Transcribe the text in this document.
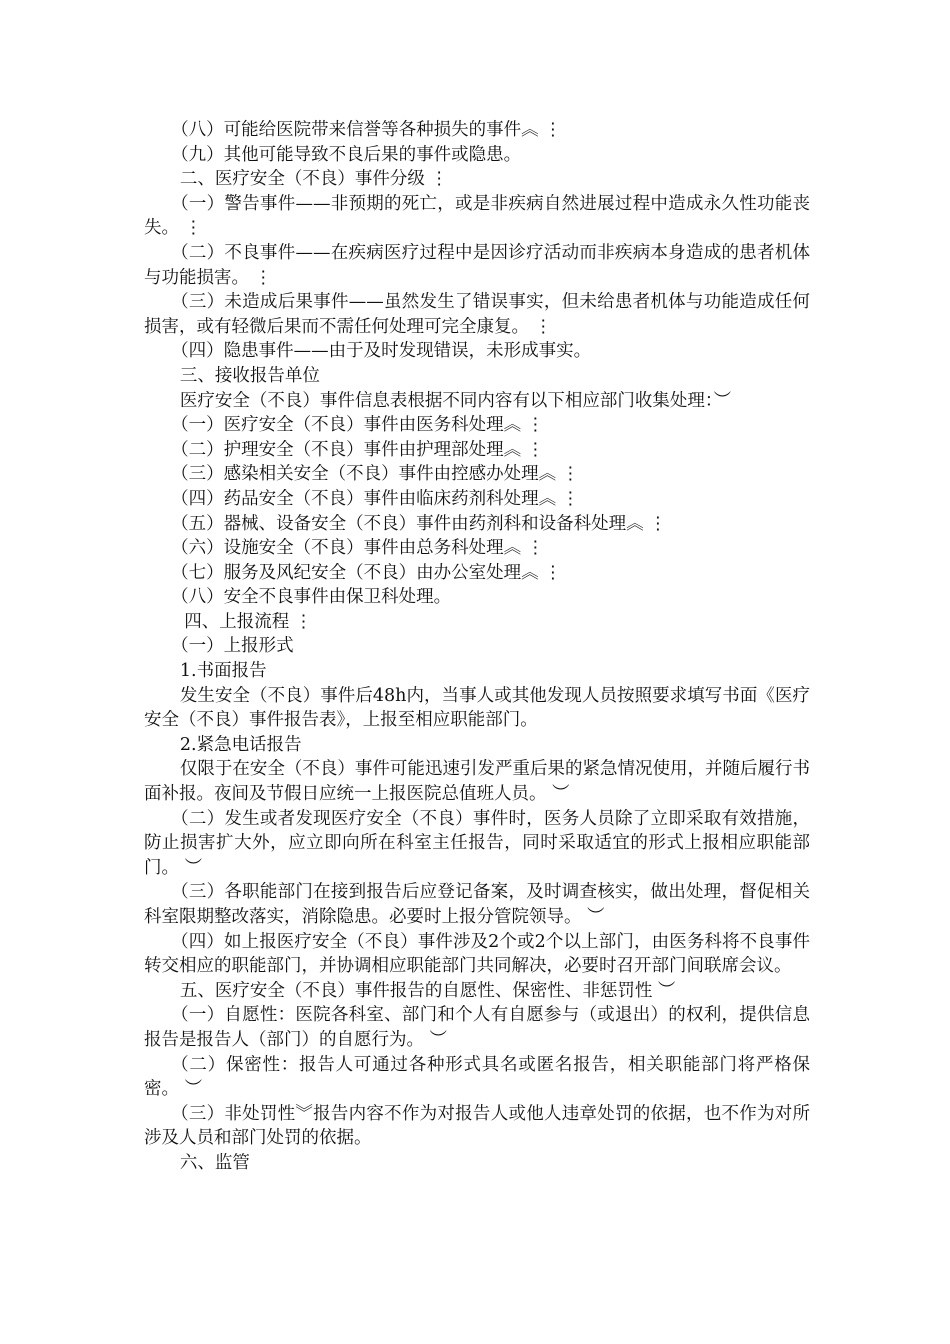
（八）可能给医院带来信誉等各种损失的事件︽ ⋮

（九）其他可能导致不良后果的事件或隐患。

二、医疗安全（不良）事件分级 ⋮

（一）警告事件——非预期的死亡，或是非疾病自然进展过程中造成永久性功能丧失。 ⋮

（二）不良事件——在疾病医疗过程中是因诊疗活动而非疾病本身造成的患者机体与功能损害。 ⋮

（三）未造成后果事件——虽然发生了错误事实，但未给患者机体与功能造成任何损害，或有轻微后果而不需任何处理可完全康复。 ⋮

（四）隐患事件——由于及时发现错误，未形成事实。

三、接收报告单位

医疗安全（不良）事件信息表根据不同内容有以下相应部门收集处理：︶

（一）医疗安全（不良）事件由医务科处理︽ ⋮

（二）护理安全（不良）事件由护理部处理︽ ⋮

（三）感染相关安全（不良）事件由控感办处理︽ ⋮

（四）药品安全（不良）事件由临床药剂科处理︽ ⋮

（五）器械、设备安全（不良）事件由药剂科和设备科处理︽ ⋮

（六）设施安全（不良）事件由总务科处理︽ ⋮

（七）服务及风纪安全（不良）由办公室处理︽ ⋮

（八）安全不良事件由保卫科处理。

四、上报流程 ⋮

（一）上报形式

1.书面报告

发生安全（不良）事件后48h内，当事人或其他发现人员按照要求填写书面《医疗安全（不良）事件报告表》，上报至相应职能部门。

2.紧急电话报告

仅限于在安全（不良）事件可能迅速引发严重后果的紧急情况使用，并随后履行书面补报。夜间及节假日应统一上报医院总值班人员。 ︶

（二）发生或者发现医疗安全（不良）事件时，医务人员除了立即采取有效措施，防止损害扩大外，应立即向所在科室主任报告，同时采取适宜的形式上报相应职能部门。 ︶

（三）各职能部门在接到报告后应登记备案，及时调查核实，做出处理，督促相关科室限期整改落实，消除隐患。必要时上报分管院领导。 ︶

（四）如上报医疗安全（不良）事件涉及2个或2个以上部门，由医务科将不良事件转交相应的职能部门，并协调相应职能部门共同解决，必要时召开部门间联席会议。

五、医疗安全（不良）事件报告的自愿性、保密性、非惩罚性 ︶

（一）自愿性：医院各科室、部门和个人有自愿参与（或退出）的权利，提供信息报告是报告人（部门）的自愿行为。 ︶

（二）保密性：报告人可通过各种形式具名或匿名报告，相关职能部门将严格保密。 ︶

（三）非处罚性︾报告内容不作为对报告人或他人违章处罚的依据，也不作为对所涉及人员和部门处罚的依据。

六、监管
